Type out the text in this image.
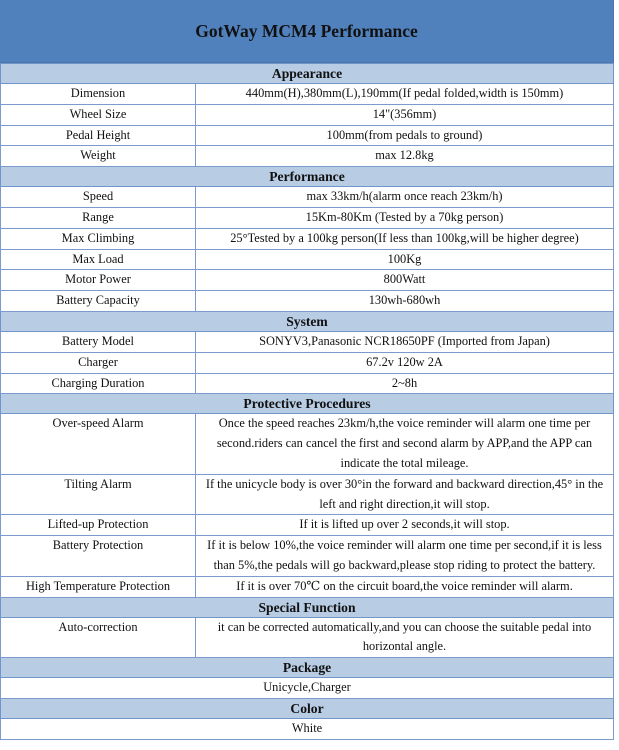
GotWay MCM4 Performance
Appearance	
Dimension	440mm(H),380mm(L),190mm(If pedal folded,width is 150mm)
Wheel Size	14"(356mm)
Pedal Height	100mm(from pedals to ground)
Weight	max 12.8kg
Performance	
Speed	max 33km/h(alarm once reach 23km/h)
Range	15Km-80Km (Tested by a 70kg person)
Max Climbing	25°Tested by a 100kg person(If less than 100kg,will be higher degree)
Max Load	100Kg
Motor Power	800Watt
Battery Capacity	130wh-680wh
System	
Battery Model	SONYV3,Panasonic NCR18650PF (Imported from Japan)
Charger	67.2v 120w 2A
Charging Duration	2~8h
Protective Procedures	
Over-speed Alarm	Once the speed reaches 23km/h,the voice reminder will alarm one time per second.riders can cancel the first and second alarm by APP,and the APP can indicate the total mileage.
Tilting Alarm	If the unicycle body is over 30°in the forward and backward direction,45° in the left and right direction,it will stop.
Lifted-up Protection	If it is lifted up over 2 seconds,it will stop.
Battery Protection	If it is below 10%,the voice reminder will alarm one time per second,if it is less than 5%,the pedals will go backward,please stop riding to protect the battery.
High Temperature Protection	If it is over 70℃ on the circuit board,the voice reminder will alarm.
Special Function	
Auto-correction	it can be corrected automatically,and you can choose the suitable pedal into horizontal angle.
Package	
Unicycle,Charger	
Color	
White	
